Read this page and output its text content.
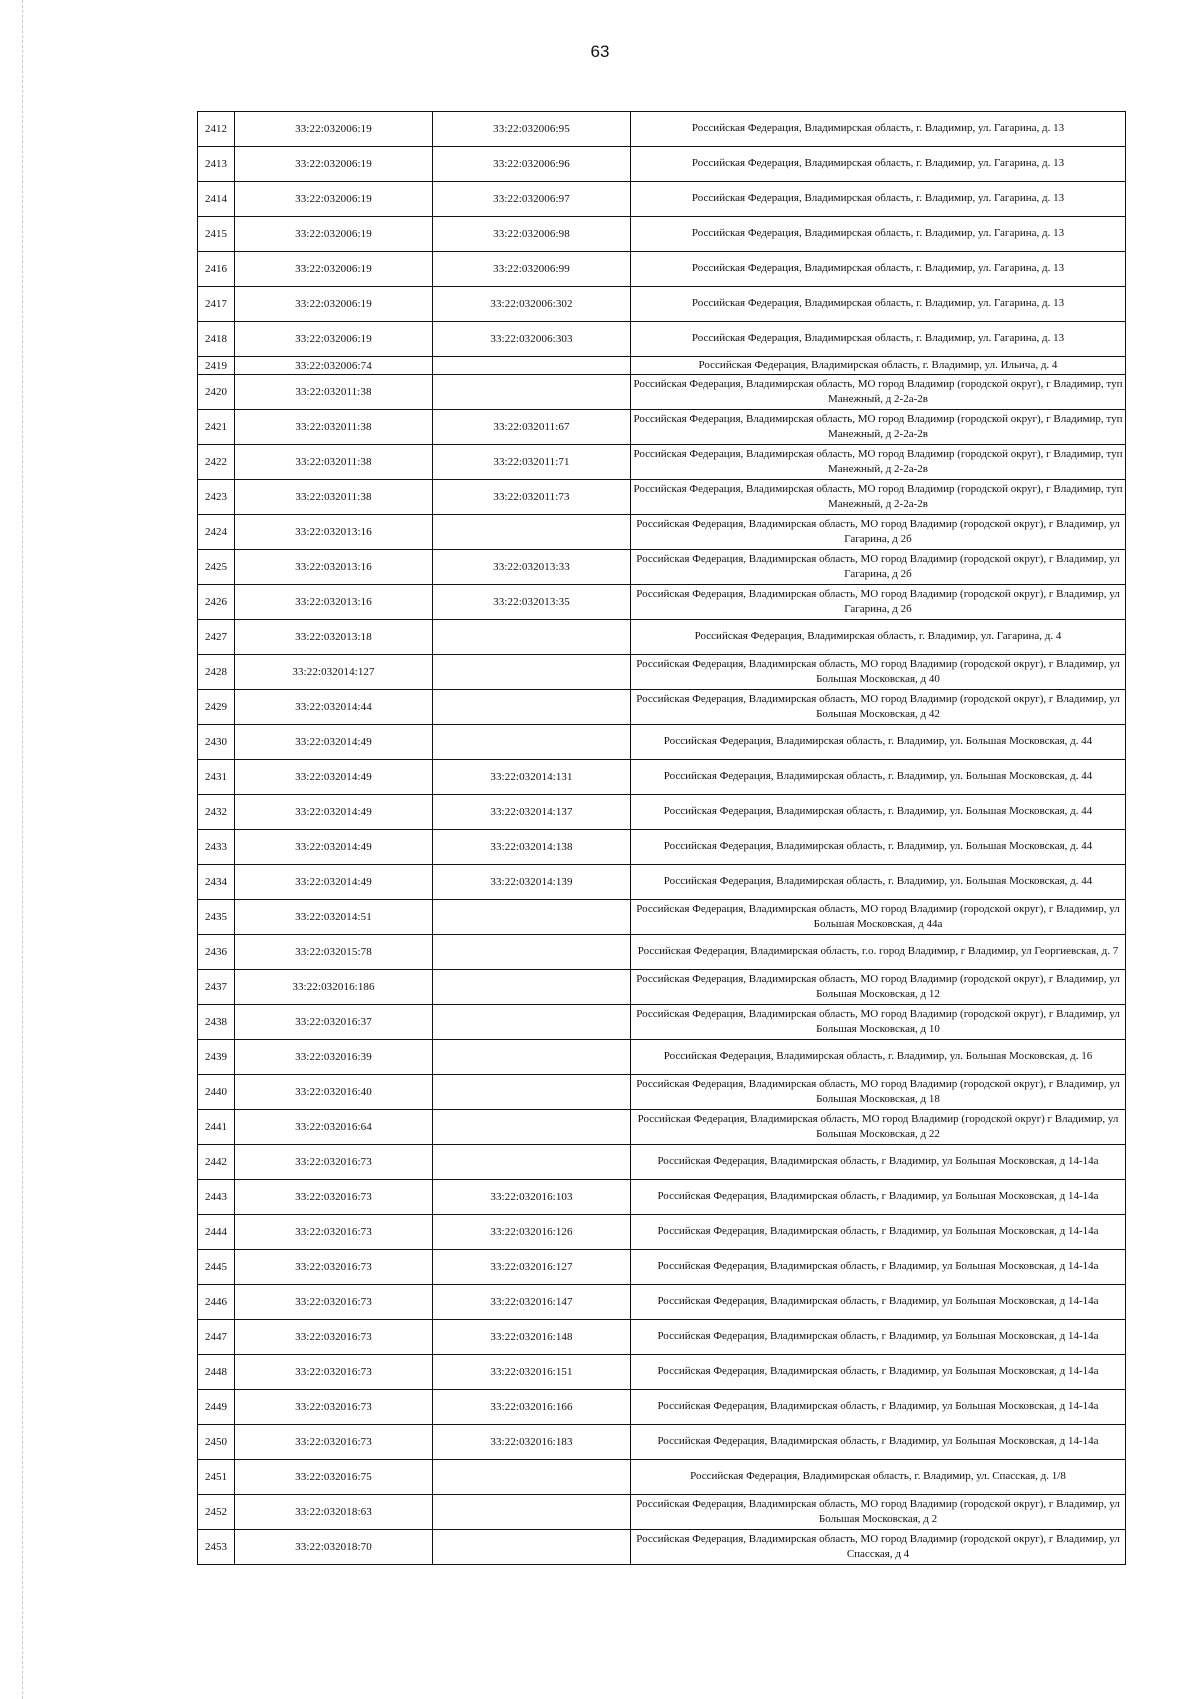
63
2412	33:22:032006:19	33:22:032006:95	Российская Федерация, Владимирская область, г. Владимир, ул. Гагарина, д. 13
2413	33:22:032006:19	33:22:032006:96	Российская Федерация, Владимирская область, г. Владимир, ул. Гагарина, д. 13
2414	33:22:032006:19	33:22:032006:97	Российская Федерация, Владимирская область, г. Владимир, ул. Гагарина, д. 13
2415	33:22:032006:19	33:22:032006:98	Российская Федерация, Владимирская область, г. Владимир, ул. Гагарина, д. 13
2416	33:22:032006:19	33:22:032006:99	Российская Федерация, Владимирская область, г. Владимир, ул. Гагарина, д. 13
2417	33:22:032006:19	33:22:032006:302	Российская Федерация, Владимирская область, г. Владимир, ул. Гагарина, д. 13
2418	33:22:032006:19	33:22:032006:303	Российская Федерация, Владимирская область, г. Владимир, ул. Гагарина, д. 13
2419	33:22:032006:74		Российская Федерация, Владимирская область, г. Владимир, ул. Ильича, д. 4
2420	33:22:032011:38		Российская Федерация, Владимирская область, МО город Владимир (городской округ), г Владимир, туп Манежный, д 2-2а-2в
2421	33:22:032011:38	33:22:032011:67	Российская Федерация, Владимирская область, МО город Владимир (городской округ), г Владимир, туп Манежный, д 2-2а-2в
2422	33:22:032011:38	33:22:032011:71	Российская Федерация, Владимирская область, МО город Владимир (городской округ), г Владимир, туп Манежный, д 2-2а-2в
2423	33:22:032011:38	33:22:032011:73	Российская Федерация, Владимирская область, МО город Владимир (городской округ), г Владимир, туп Манежный, д 2-2а-2в
2424	33:22:032013:16		Российская Федерация, Владимирская область, МО город Владимир (городской округ), г Владимир, ул Гагарина, д 2б
2425	33:22:032013:16	33:22:032013:33	Российская Федерация, Владимирская область, МО город Владимир (городской округ), г Владимир, ул Гагарина, д 2б
2426	33:22:032013:16	33:22:032013:35	Российская Федерация, Владимирская область, МО город Владимир (городской округ), г Владимир, ул Гагарина, д 2б
2427	33:22:032013:18		Российская Федерация, Владимирская область, г. Владимир, ул. Гагарина, д. 4
2428	33:22:032014:127		Российская Федерация, Владимирская область, МО город Владимир (городской округ), г Владимир, ул Большая Московская, д 40
2429	33:22:032014:44		Российская Федерация, Владимирская область, МО город Владимир (городской округ), г Владимир, ул Большая Московская, д 42
2430	33:22:032014:49		Российская Федерация, Владимирская область, г. Владимир, ул. Большая Московская, д. 44
2431	33:22:032014:49	33:22:032014:131	Российская Федерация, Владимирская область, г. Владимир, ул. Большая Московская, д. 44
2432	33:22:032014:49	33:22:032014:137	Российская Федерация, Владимирская область, г. Владимир, ул. Большая Московская, д. 44
2433	33:22:032014:49	33:22:032014:138	Российская Федерация, Владимирская область, г. Владимир, ул. Большая Московская, д. 44
2434	33:22:032014:49	33:22:032014:139	Российская Федерация, Владимирская область, г. Владимир, ул. Большая Московская, д. 44
2435	33:22:032014:51		Российская Федерация, Владимирская область, МО город Владимир (городской округ), г Владимир, ул Большая Московская, д 44а
2436	33:22:032015:78		Российская Федерация, Владимирская область, г.о. город Владимир, г Владимир, ул Георгиевская, д. 7
2437	33:22:032016:186		Российская Федерация, Владимирская область, МО город Владимир (городской округ), г Владимир, ул Большая Московская, д 12
2438	33:22:032016:37		Российская Федерация, Владимирская область, МО город Владимир (городской округ), г Владимир, ул Большая Московская, д 10
2439	33:22:032016:39		Российская Федерация, Владимирская область, г. Владимир, ул. Большая Московская, д. 16
2440	33:22:032016:40		Российская Федерация, Владимирская область, МО город Владимир (городской округ), г Владимир, ул Большая Московская, д 18
2441	33:22:032016:64		Российская Федерация, Владимирская область, МО город Владимир (городской округ) г Владимир, ул Большая Московская, д 22
2442	33:22:032016:73		Российская Федерация, Владимирская область, г Владимир, ул Большая Московская, д 14-14а
2443	33:22:032016:73	33:22:032016:103	Российская Федерация, Владимирская область, г Владимир, ул Большая Московская, д 14-14а
2444	33:22:032016:73	33:22:032016:126	Российская Федерация, Владимирская область, г Владимир, ул Большая Московская, д 14-14а
2445	33:22:032016:73	33:22:032016:127	Российская Федерация, Владимирская область, г Владимир, ул Большая Московская, д 14-14а
2446	33:22:032016:73	33:22:032016:147	Российская Федерация, Владимирская область, г Владимир, ул Большая Московская, д 14-14а
2447	33:22:032016:73	33:22:032016:148	Российская Федерация, Владимирская область, г Владимир, ул Большая Московская, д 14-14а
2448	33:22:032016:73	33:22:032016:151	Российская Федерация, Владимирская область, г Владимир, ул Большая Московская, д 14-14а
2449	33:22:032016:73	33:22:032016:166	Российская Федерация, Владимирская область, г Владимир, ул Большая Московская, д 14-14а
2450	33:22:032016:73	33:22:032016:183	Российская Федерация, Владимирская область, г Владимир, ул Большая Московская, д 14-14а
2451	33:22:032016:75		Российская Федерация, Владимирская область, г. Владимир, ул. Спасская, д. 1/8
2452	33:22:032018:63		Российская Федерация, Владимирская область, МО город Владимир (городской округ), г Владимир, ул Большая Московская, д 2
2453	33:22:032018:70		Российская Федерация, Владимирская область, МО город Владимир (городской округ), г Владимир, ул Спасская, д 4
